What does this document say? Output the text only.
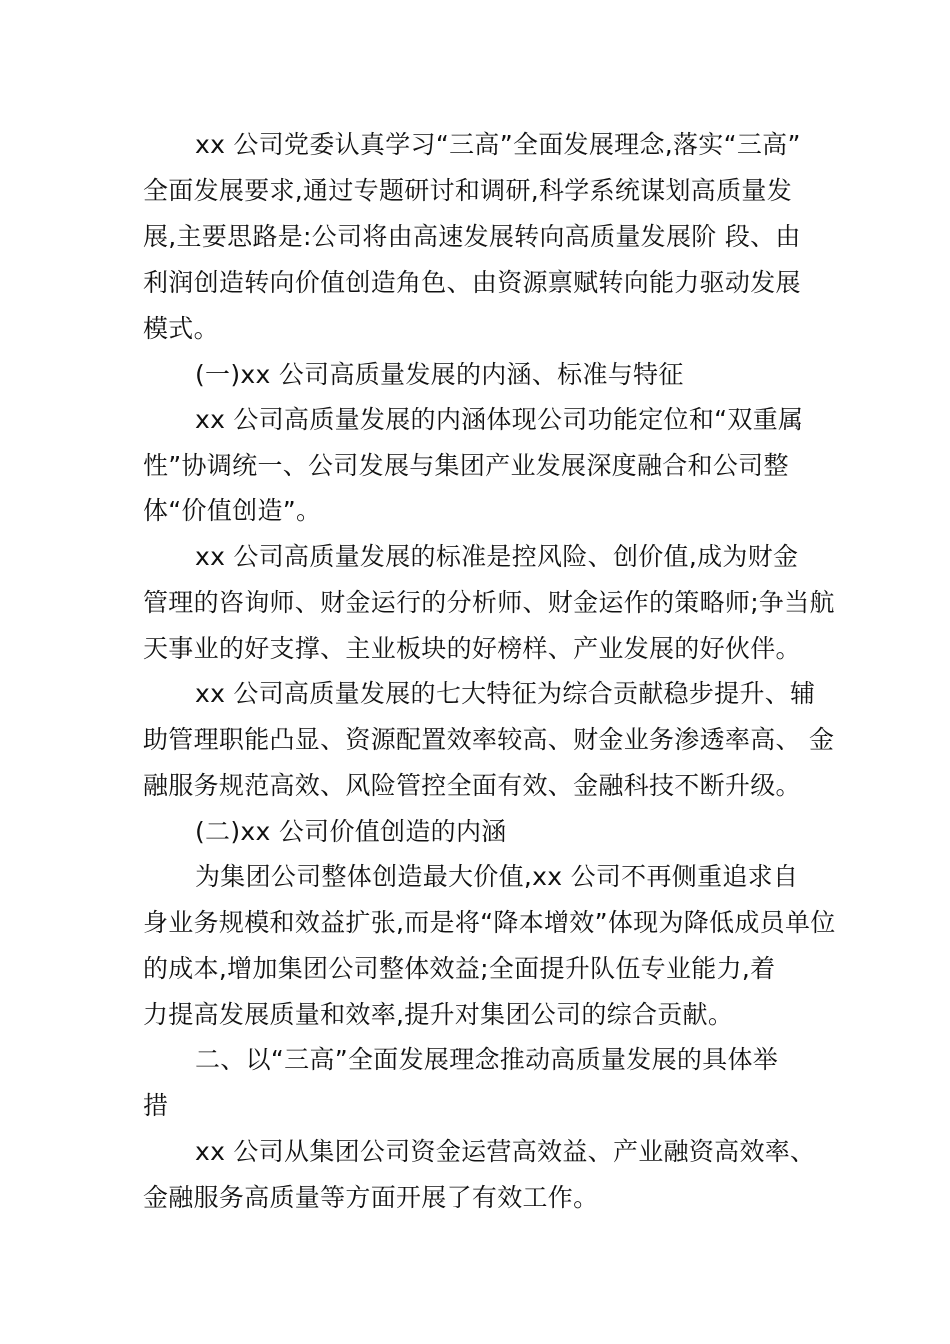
xx 公司党委认真学习“三高”全面发展理念,落实“三高”
全面发展要求,通过专题研讨和调研,科学系统谋划高质量发
展,主要思路是:公司将由高速发展转向高质量发展阶 段、由
利润创造转向价值创造角色、由资源禀赋转向能力驱动发展
模式。
(一)xx 公司高质量发展的内涵、标准与特征
xx 公司高质量发展的内涵体现公司功能定位和“双重属
性”协调统一、公司发展与集团产业发展深度融合和公司整
体“价值创造”。
xx 公司高质量发展的标准是控风险、创价值,成为财金
管理的咨询师、财金运行的分析师、财金运作的策略师;争当航
天事业的好支撑、主业板块的好榜样、产业发展的好伙伴。
xx 公司高质量发展的七大特征为综合贡献稳步提升、辅
助管理职能凸显、资源配置效率较高、财金业务渗透率高、 金
融服务规范高效、风险管控全面有效、金融科技不断升级。
(二)xx 公司价值创造的内涵
为集团公司整体创造最大价值,xx 公司不再侧重追求自
身业务规模和效益扩张,而是将“降本增效”体现为降低成员单位
的成本,增加集团公司整体效益;全面提升队伍专业能力,着
力提高发展质量和效率,提升对集团公司的综合贡献。
二、以“三高”全面发展理念推动高质量发展的具体举
措
xx 公司从集团公司资金运营高效益、产业融资高效率、
金融服务高质量等方面开展了有效工作。
